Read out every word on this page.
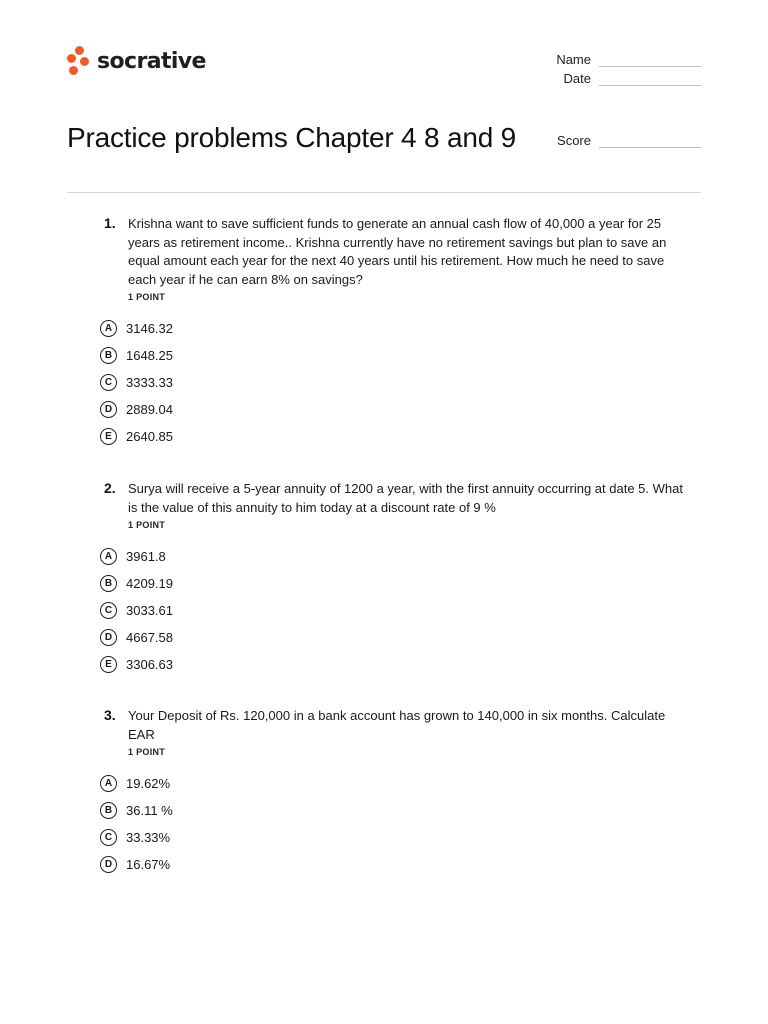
socrative	Name
Date
Practice problems Chapter 4 8 and 9	Score
1. Krishna want to save sufficient funds to generate an annual cash flow of 40,000 a year for 25 years as retirement income.. Krishna currently have no retirement savings but plan to save an equal amount each year for the next 40 years until his retirement. How much he need to save each year if he can earn 8% on savings?
1 POINT
A	3146.32
B	1648.25
C	3333.33
D	2889.04
E	2640.85
2. Surya will receive a 5-year annuity of 1200 a year, with the first annuity occurring at date 5. What is the value of this annuity to him today at a discount rate of 9 %
1 POINT
A	3961.8
B	4209.19
C	3033.61
D	4667.58
E	3306.63
3. Your Deposit of Rs. 120,000 in a bank account has grown to 140,000 in six months. Calculate EAR
1 POINT
A	19.62%
B	36.11 %
C	33.33%
D	16.67%
